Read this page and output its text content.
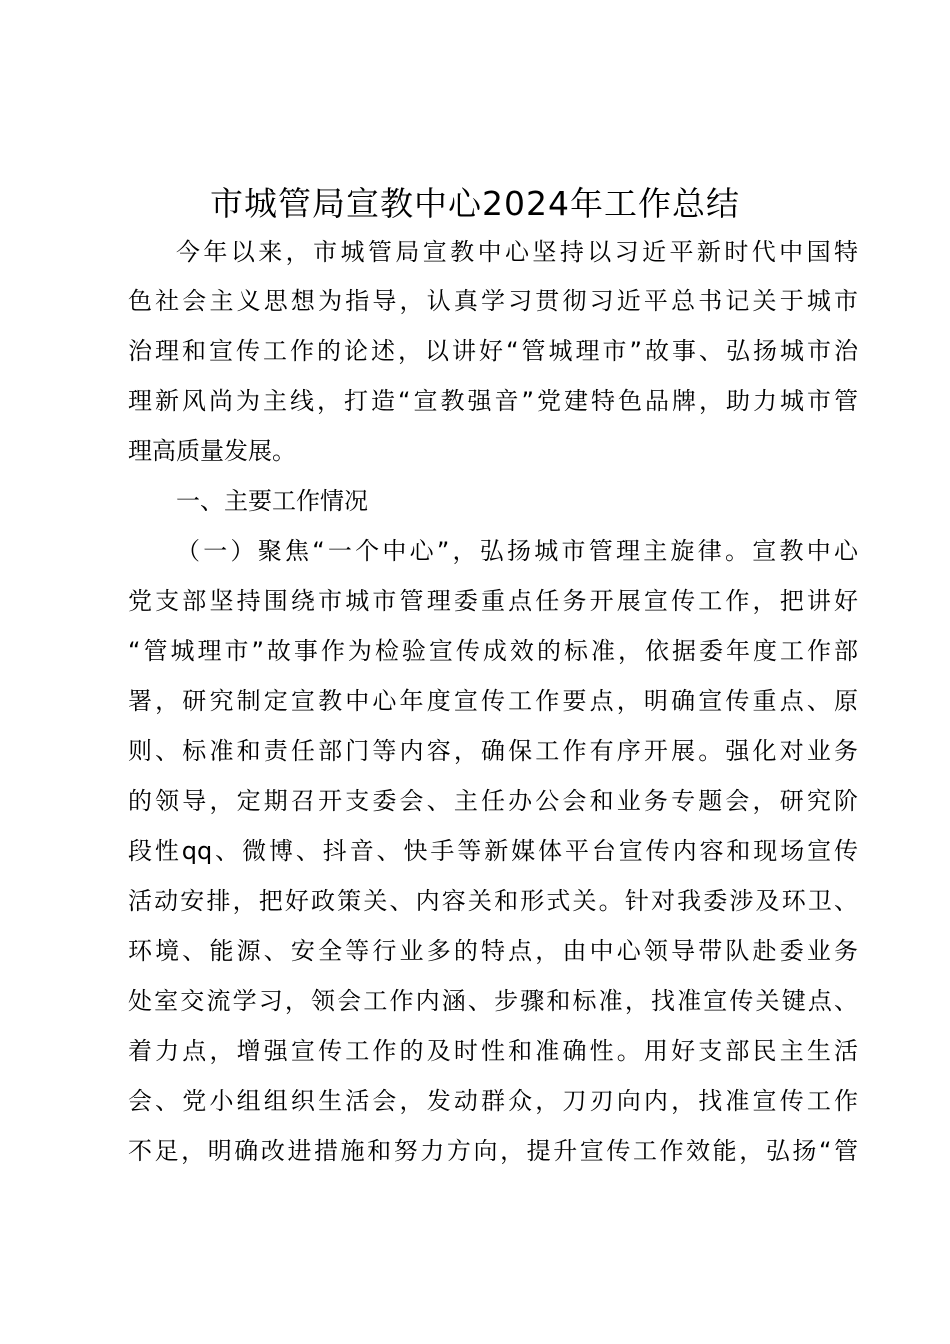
市城管局宣教中心2024年工作总结
今年以来，市城管局宣教中心坚持以习近平新时代中国特
色社会主义思想为指导，认真学习贯彻习近平总书记关于城市
治理和宣传工作的论述，以讲好“管城理市”故事、弘扬城市治
理新风尚为主线，打造“宣教强音”党建特色品牌，助力城市管
理高质量发展。
一、主要工作情况
（一）聚焦“一个中心”，弘扬城市管理主旋律。宣教中心
党支部坚持围绕市城市管理委重点任务开展宣传工作，把讲好
“管城理市”故事作为检验宣传成效的标准，依据委年度工作部
署，研究制定宣教中心年度宣传工作要点，明确宣传重点、原
则、标准和责任部门等内容，确保工作有序开展。强化对业务
的领导，定期召开支委会、主任办公会和业务专题会，研究阶
段性qq、微博、抖音、快手等新媒体平台宣传内容和现场宣传
活动安排，把好政策关、内容关和形式关。针对我委涉及环卫、
环境、能源、安全等行业多的特点，由中心领导带队赴委业务
处室交流学习，领会工作内涵、步骤和标准，找准宣传关键点、
着力点，增强宣传工作的及时性和准确性。用好支部民主生活
会、党小组组织生活会，发动群众，刀刃向内，找准宣传工作
不足，明确改进措施和努力方向，提升宣传工作效能，弘扬“管
